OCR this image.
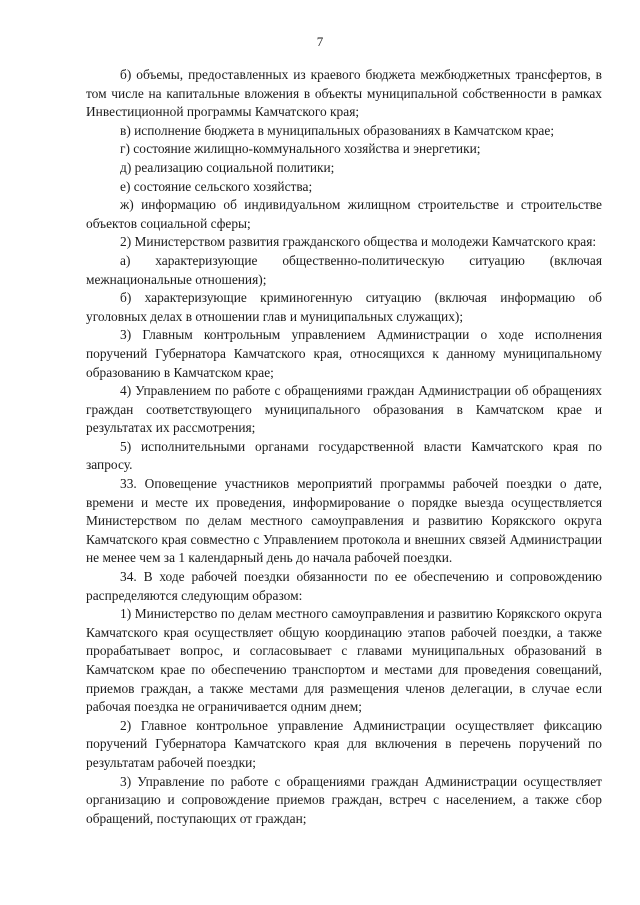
7

б) объемы, предоставленных из краевого бюджета межбюджетных трансфертов, в том числе на капитальные вложения в объекты муниципальной собственности в рамках Инвестиционной программы Камчатского края;

в) исполнение бюджета в муниципальных образованиях в Камчатском крае;

г) состояние жилищно-коммунального хозяйства и энергетики;

д) реализацию социальной политики;

е) состояние сельского хозяйства;

ж) информацию об индивидуальном жилищном строительстве и строительстве объектов социальной сферы;

2) Министерством развития гражданского общества и молодежи Камчатского края:

а) характеризующие общественно-политическую ситуацию (включая межнациональные отношения);

б) характеризующие криминогенную ситуацию (включая информацию об уголовных делах в отношении глав и муниципальных служащих);

3) Главным контрольным управлением Администрации о ходе исполнения поручений Губернатора Камчатского края, относящихся к данному муниципальному образованию в Камчатском крае;

4) Управлением по работе с обращениями граждан Администрации об обращениях граждан соответствующего муниципального образования в Камчатском крае и результатах их рассмотрения;

5) исполнительными органами государственной власти Камчатского края по запросу.

33. Оповещение участников мероприятий программы рабочей поездки о дате, времени и месте их проведения, информирование о порядке выезда осуществляется Министерством по делам местного самоуправления и развитию Корякского округа Камчатского края совместно с Управлением протокола и внешних связей Администрации не менее чем за 1 календарный день до начала рабочей поездки.

34. В ходе рабочей поездки обязанности по ее обеспечению и сопровождению распределяются следующим образом:

1) Министерство по делам местного самоуправления и развитию Корякского округа Камчатского края осуществляет общую координацию этапов рабочей поездки, а также прорабатывает вопрос, и согласовывает с главами муниципальных образований в Камчатском крае по обеспечению транспортом и местами для проведения совещаний, приемов граждан, а также местами для размещения членов делегации, в случае если рабочая поездка не ограничивается одним днем;

2) Главное контрольное управление Администрации осуществляет фиксацию поручений Губернатора Камчатского края для включения в перечень поручений по результатам рабочей поездки;

3) Управление по работе с обращениями граждан Администрации осуществляет организацию и сопровождение приемов граждан, встреч с населением, а также сбор обращений, поступающих от граждан;
